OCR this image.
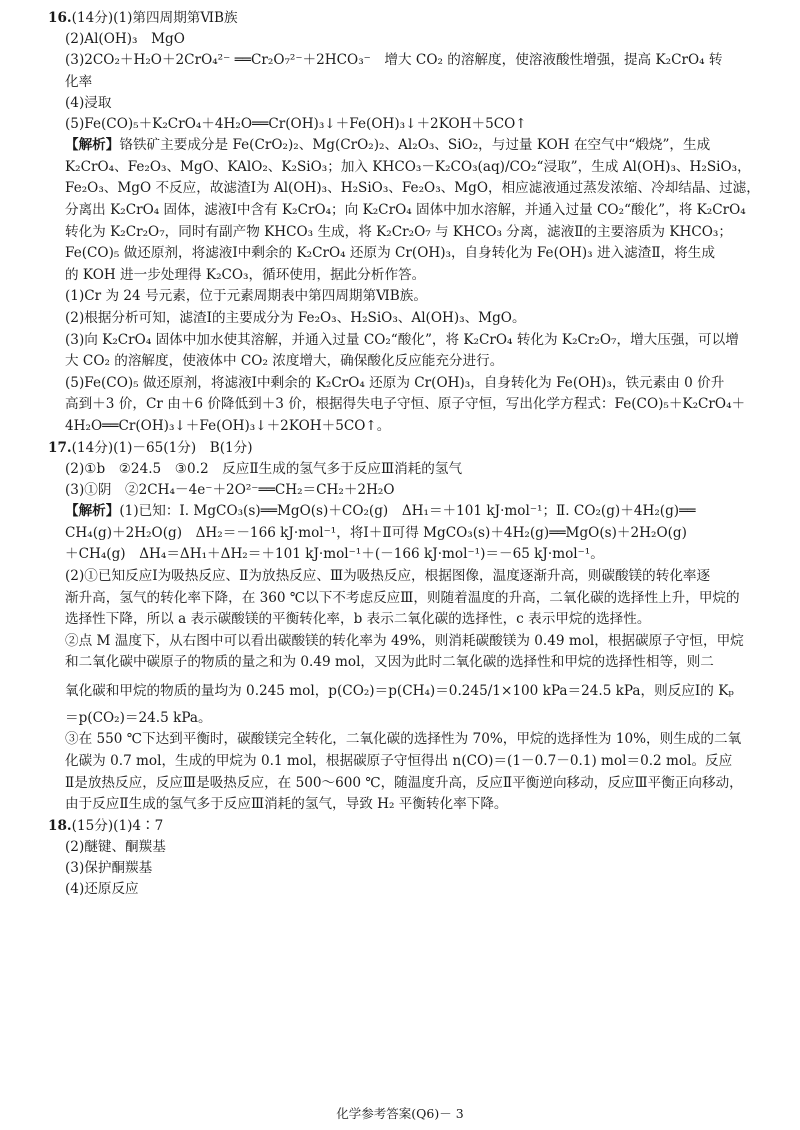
16.(14分)(1)第四周期第ⅥB族
(2)Al(OH)₃　MgO
(3)2CO₂＋H₂O＋2CrO₄²⁻ ══Cr₂O₇²⁻＋2HCO₃⁻　增大 CO₂ 的溶解度，使溶液酸性增强，提高 K₂CrO₄ 转
化率
(4)浸取
(5)Fe(CO)₅＋K₂CrO₄＋4H₂O══Cr(OH)₃↓＋Fe(OH)₃↓＋2KOH＋5CO↑
【解析】铬铁矿主要成分是 Fe(CrO₂)₂、Mg(CrO₂)₂、Al₂O₃、SiO₂，与过量 KOH 在空气中“煅烧”，生成
K₂CrO₄、Fe₂O₃、MgO、KAlO₂、K₂SiO₃；加入 KHCO₃－K₂CO₃(aq)/CO₂“浸取”，生成 Al(OH)₃、H₂SiO₃，
Fe₂O₃、MgO 不反应，故滤渣Ⅰ为 Al(OH)₃、H₂SiO₃、Fe₂O₃、MgO，相应滤液通过蒸发浓缩、冷却结晶、过滤，
分离出 K₂CrO₄ 固体，滤液Ⅰ中含有 K₂CrO₄；向 K₂CrO₄ 固体中加水溶解，并通入过量 CO₂“酸化”，将 K₂CrO₄
转化为 K₂Cr₂O₇，同时有副产物 KHCO₃ 生成，将 K₂Cr₂O₇ 与 KHCO₃ 分离，滤液Ⅱ的主要溶质为 KHCO₃；
Fe(CO)₅ 做还原剂，将滤液Ⅰ中剩余的 K₂CrO₄ 还原为 Cr(OH)₃，自身转化为 Fe(OH)₃ 进入滤渣Ⅱ，将生成
的 KOH 进一步处理得 K₂CO₃，循环使用，据此分析作答。
(1)Cr 为 24 号元素，位于元素周期表中第四周期第ⅥB族。
(2)根据分析可知，滤渣Ⅰ的主要成分为 Fe₂O₃、H₂SiO₃、Al(OH)₃、MgO。
(3)向 K₂CrO₄ 固体中加水使其溶解，并通入过量 CO₂“酸化”，将 K₂CrO₄ 转化为 K₂Cr₂O₇，增大压强，可以增
大 CO₂ 的溶解度，使液体中 CO₂ 浓度增大，确保酸化反应能充分进行。
(5)Fe(CO)₅ 做还原剂，将滤液Ⅰ中剩余的 K₂CrO₄ 还原为 Cr(OH)₃，自身转化为 Fe(OH)₃，铁元素由 0 价升
高到＋3 价，Cr 由＋6 价降低到＋3 价，根据得失电子守恒、原子守恒，写出化学方程式：Fe(CO)₅＋K₂CrO₄＋
4H₂O══Cr(OH)₃↓＋Fe(OH)₃↓＋2KOH＋5CO↑。
17.(14分)(1)－65(1分)　B(1分)
(2)①b　②24.5　③0.2　反应Ⅱ生成的氢气多于反应Ⅲ消耗的氢气
(3)①阴　②2CH₄－4e⁻＋2O²⁻══CH₂＝CH₂＋2H₂O
【解析】(1)已知：Ⅰ. MgCO₃(s)══MgO(s)＋CO₂(g)　ΔH₁＝＋101 kJ·mol⁻¹；Ⅱ. CO₂(g)＋4H₂(g)══
CH₄(g)＋2H₂O(g)　ΔH₂＝－166 kJ·mol⁻¹，将Ⅰ＋Ⅱ可得 MgCO₃(s)＋4H₂(g)══MgO(s)＋2H₂O(g)
＋CH₄(g)　ΔH₄＝ΔH₁＋ΔH₂＝＋101 kJ·mol⁻¹＋(－166 kJ·mol⁻¹)＝－65 kJ·mol⁻¹。
(2)①已知反应Ⅰ为吸热反应、Ⅱ为放热反应、Ⅲ为吸热反应，根据图像，温度逐渐升高，则碳酸镁的转化率逐
渐升高，氢气的转化率下降，在 360 ℃以下不考虑反应Ⅲ，则随着温度的升高，二氧化碳的选择性上升，甲烷的
选择性下降，所以 a 表示碳酸镁的平衡转化率，b 表示二氧化碳的选择性，c 表示甲烷的选择性。
②点 M 温度下，从右图中可以看出碳酸镁的转化率为 49%，则消耗碳酸镁为 0.49 mol，根据碳原子守恒，甲烷
和二氧化碳中碳原子的物质的量之和为 0.49 mol，又因为此时二氧化碳的选择性和甲烷的选择性相等，则二
氧化碳和甲烷的物质的量均为 0.245 mol，p(CO₂)＝p(CH₄)＝0.245/1×100 kPa＝24.5 kPa，则反应Ⅰ的 Kₚ
＝p(CO₂)＝24.5 kPa。
③在 550 ℃下达到平衡时，碳酸镁完全转化，二氧化碳的选择性为 70%，甲烷的选择性为 10%，则生成的二氧
化碳为 0.7 mol，生成的甲烷为 0.1 mol，根据碳原子守恒得出 n(CO)＝(1－0.7－0.1) mol＝0.2 mol。反应
Ⅱ是放热反应，反应Ⅲ是吸热反应，在 500～600 ℃，随温度升高，反应Ⅱ平衡逆向移动，反应Ⅲ平衡正向移动，
由于反应Ⅱ生成的氢气多于反应Ⅲ消耗的氢气，导致 H₂ 平衡转化率下降。
18.(15分)(1)4∶7
(2)醚键、酮羰基
(3)保护酮羰基
(4)还原反应
化学参考答案(Q6)－ 3
